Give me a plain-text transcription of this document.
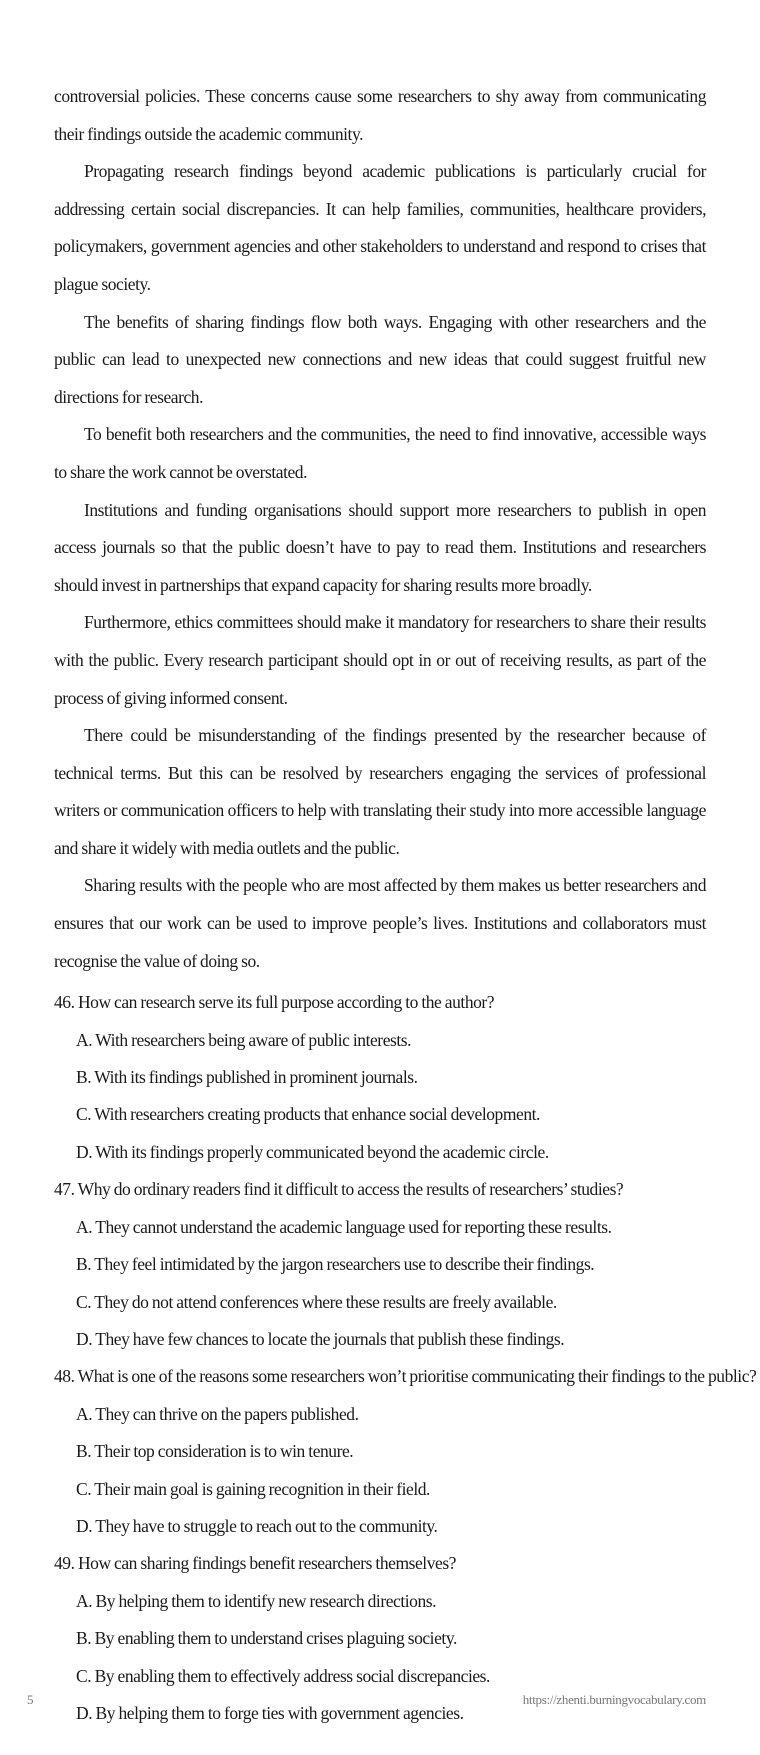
controversial policies. These concerns cause some researchers to shy away from communicating their findings outside the academic community.

Propagating research findings beyond academic publications is particularly crucial for addressing certain social discrepancies. It can help families, communities, healthcare providers, policymakers, government agencies and other stakeholders to understand and respond to crises that plague society.

The benefits of sharing findings flow both ways. Engaging with other researchers and the public can lead to unexpected new connections and new ideas that could suggest fruitful new directions for research.

To benefit both researchers and the communities, the need to find innovative, accessible ways to share the work cannot be overstated.

Institutions and funding organisations should support more researchers to publish in open access journals so that the public doesn’t have to pay to read them. Institutions and researchers should invest in partnerships that expand capacity for sharing results more broadly.

Furthermore, ethics committees should make it mandatory for researchers to share their results with the public. Every research participant should opt in or out of receiving results, as part of the process of giving informed consent.

There could be misunderstanding of the findings presented by the researcher because of technical terms. But this can be resolved by researchers engaging the services of professional writers or communication officers to help with translating their study into more accessible language and share it widely with media outlets and the public.

Sharing results with the people who are most affected by them makes us better researchers and ensures that our work can be used to improve people’s lives. Institutions and collaborators must recognise the value of doing so.

46. How can research serve its full purpose according to the author?

A. With researchers being aware of public interests.

B. With its findings published in prominent journals.

C. With researchers creating products that enhance social development.

D. With its findings properly communicated beyond the academic circle.

47. Why do ordinary readers find it difficult to access the results of researchers’ studies?

A. They cannot understand the academic language used for reporting these results.

B. They feel intimidated by the jargon researchers use to describe their findings.

C. They do not attend conferences where these results are freely available.

D. They have few chances to locate the journals that publish these findings.

48. What is one of the reasons some researchers won’t prioritise communicating their findings to the public?

A. They can thrive on the papers published.

B. Their top consideration is to win tenure.

C. Their main goal is gaining recognition in their field.

D. They have to struggle to reach out to the community.

49. How can sharing findings benefit researchers themselves?

A. By helping them to identify new research directions.

B. By enabling them to understand crises plaguing society.

C. By enabling them to effectively address social discrepancies.

D. By helping them to forge ties with government agencies.

5	https://zhenti.burningvocabulary.com
